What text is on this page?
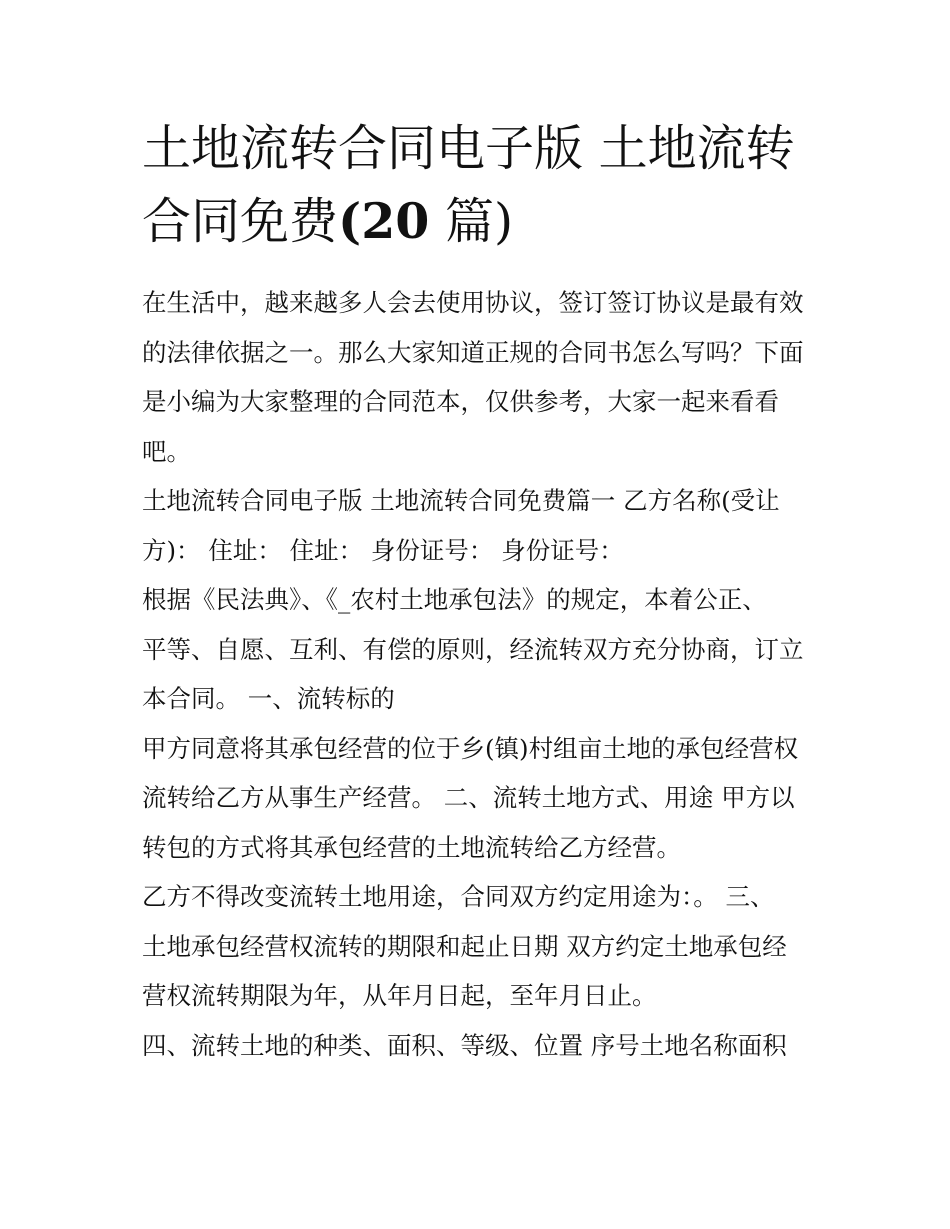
土地流转合同电子版 土地流转
合同免费(20 篇)

在生活中，越来越多人会去使用协议，签订签订协议是最有效
的法律依据之一。那么大家知道正规的合同书怎么写吗？下面
是小编为大家整理的合同范本，仅供参考，大家一起来看看
吧。

土地流转合同电子版 土地流转合同免费篇一 乙方名称(受让
方)： 住址： 住址： 身份证号： 身份证号：

根据《民法典》、《_农村土地承包法》的规定，本着公正、
平等、自愿、互利、有偿的原则，经流转双方充分协商，订立
本合同。 一、流转标的

甲方同意将其承包经营的位于乡(镇)村组亩土地的承包经营权
流转给乙方从事生产经营。 二、流转土地方式、用途 甲方以
转包的方式将其承包经营的土地流转给乙方经营。

乙方不得改变流转土地用途，合同双方约定用途为：。 三、
土地承包经营权流转的期限和起止日期 双方约定土地承包经
营权流转期限为年，从年月日起，至年月日止。

四、流转土地的种类、面积、等级、位置 序号土地名称面积
